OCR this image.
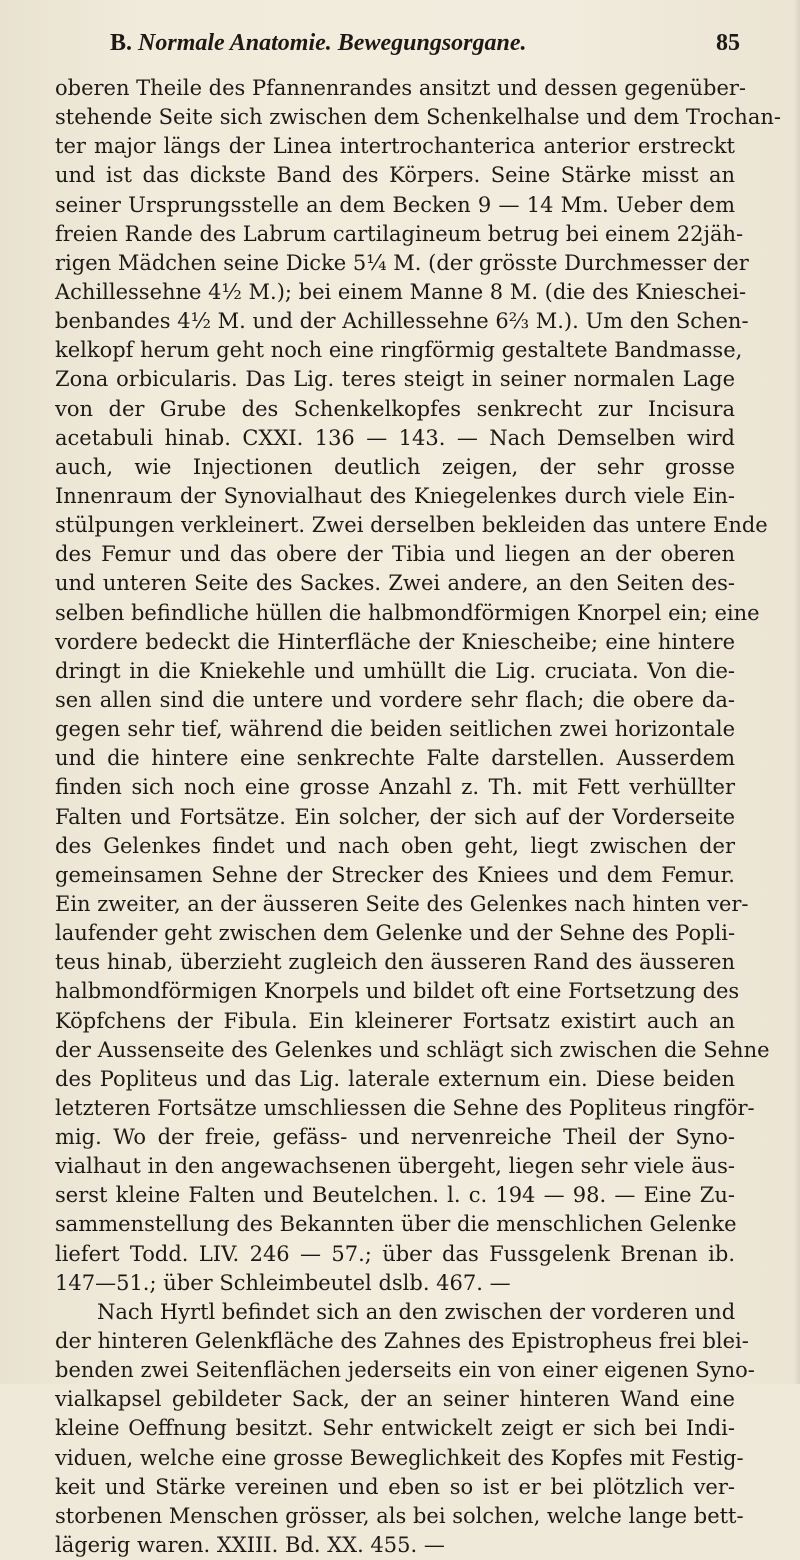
B. Normale Anatomie. Bewegungsorgane.	85
oberen Theile des Pfannenrandes ansitzt und dessen gegenüber-
stehende Seite sich zwischen dem Schenkelhalse und dem Trochan-
ter major längs der Linea intertrochanterica anterior erstreckt
und ist das dickste Band des Körpers. Seine Stärke misst an
seiner Ursprungsstelle an dem Becken 9 — 14 Mm. Ueber dem
freien Rande des Labrum cartilagineum betrug bei einem 22jäh-
rigen Mädchen seine Dicke 5¼ M. (der grösste Durchmesser der
Achillessehne 4½ M.); bei einem Manne 8 M. (die des Kniescheі-
benbandes 4½ M. und der Achillessehne 6⅔ M.). Um den Schen-
kelkopf herum geht noch eine ringförmig gestaltete Bandmasse,
Zona orbicularis. Das Lig. teres steigt in seiner normalen Lage
von der Grube des Schenkelkopfes senkrecht zur Incisura
acetabuli hinab. CXXI. 136 — 143. — Nach Demselben wird
auch, wie Injectionen deutlich zeigen, der sehr grosse
Innenraum der Synovialhaut des Kniegelenkes durch viele Ein-
stülpungen verkleinert. Zwei derselben bekleiden das untere Ende
des Femur und das obere der Tibia und liegen an der oberen
und unteren Seite des Sackes. Zwei andere, an den Seiten des-
selben befindliche hüllen die halbmondförmigen Knorpel ein; eine
vordere bedeckt die Hinterfläche der Kniescheibe; eine hintere
dringt in die Kniekehle und umhüllt die Lig. cruciata. Von die-
sen allen sind die untere und vordere sehr flach; die obere da-
gegen sehr tief, während die beiden seitlichen zwei horizontale
und die hintere eine senkrechte Falte darstellen. Ausserdem
finden sich noch eine grosse Anzahl z. Th. mit Fett verhüllter
Falten und Fortsätze. Ein solcher, der sich auf der Vorderseite
des Gelenkes findet und nach oben geht, liegt zwischen der
gemeinsamen Sehne der Strecker des Kniees und dem Femur.
Ein zweiter, an der äusseren Seite des Gelenkes nach hinten ver-
laufender geht zwischen dem Gelenke und der Sehne des Popli-
teus hinab, überzieht zugleich den äusseren Rand des äusseren
halbmondförmigen Knorpels und bildet oft eine Fortsetzung des
Köpfchens der Fibula. Ein kleinerer Fortsatz existirt auch an
der Aussenseite des Gelenkes und schlägt sich zwischen die Sehne
des Popliteus und das Lig. laterale externum ein. Diese beiden
letzteren Fortsätze umschliessen die Sehne des Popliteus ringför-
mig. Wo der freie, gefäss- und nervenreiche Theil der Syno-
vialhaut in den angewachsenen übergeht, liegen sehr viele äus-
serst kleine Falten und Beutelchen. l. c. 194 — 98. — Eine Zu-
sammenstellung des Bekannten über die menschlichen Gelenke
liefert Todd. LIV. 246 — 57.; über das Fussgelenk Brenan ib.
147—51.; über Schleimbeutel dslb. 467. —
Nach Hyrtl befindet sich an den zwischen der vorderen und
der hinteren Gelenkfläche des Zahnes des Epistropheus frei blei-
benden zwei Seitenflächen jederseits ein von einer eigenen Syno-
vialkapsel gebildeter Sack, der an seiner hinteren Wand eine
kleine Oeffnung besitzt. Sehr entwickelt zeigt er sich bei Indi-
viduen, welche eine grosse Beweglichkeit des Kopfes mit Festig-
keit und Stärke vereinen und eben so ist er bei plötzlich ver-
storbenen Menschen grösser, als bei solchen, welche lange bett-
lägerig waren. XXIII. Bd. XX. 455. —
